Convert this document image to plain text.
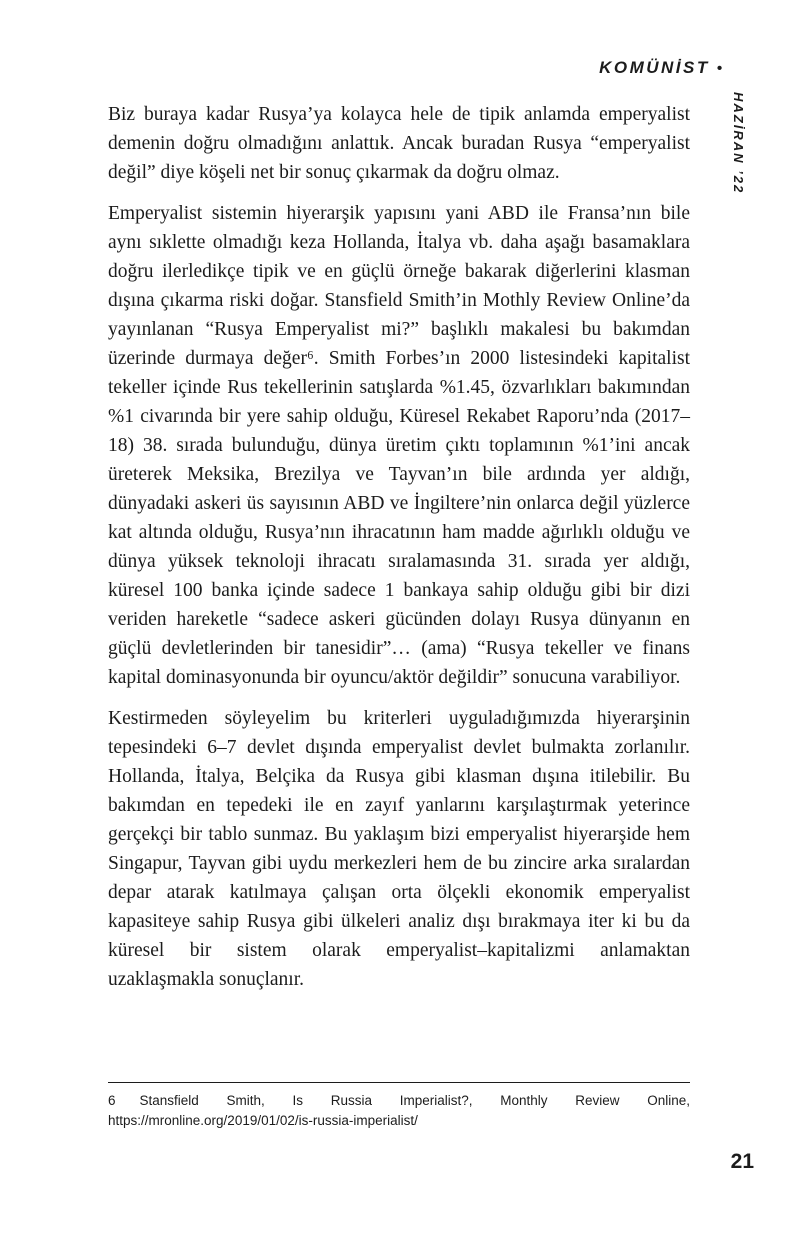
KOMÜNİST •
HAZİRAN ’22

Biz buraya kadar Rusya’ya kolayca hele de tipik anlamda emperyalist demenin doğru olmadığını anlattık. Ancak buradan Rusya “emperyalist değil” diye köşeli net bir sonuç çıkarmak da doğru olmaz.

Emperyalist sistemin hiyerarşik yapısını yani ABD ile Fransa’nın bile aynı sıklette olmadığı keza Hollanda, İtalya vb. daha aşağı basamaklara doğru ilerledikçe tipik ve en güçlü örneğe bakarak diğerlerini klasman dışına çıkarma riski doğar. Stansfield Smith’in Mothly Review Online’da yayınlanan “Rusya Emperyalist mi?” başlıklı makalesi bu bakımdan üzerinde durmaya değer⁶. Smith Forbes’ın 2000 listesindeki kapitalist tekeller içinde Rus tekellerinin satışlarda %1.45, özvarlıkları bakımından %1 civarında bir yere sahip olduğu, Küresel Rekabet Raporu’nda (2017–18) 38. sırada bulunduğu, dünya üretim çıktı toplamının %1’ini ancak üreterek Meksika, Brezilya ve Tayvan’ın bile ardında yer aldığı, dünyadaki askeri üs sayısının ABD ve İngiltere’nin onlarca değil yüzlerce kat altında olduğu, Rusya’nın ihracatının ham madde ağırlıklı olduğu ve dünya yüksek teknoloji ihracatı sıralamasında 31. sırada yer aldığı, küresel 100 banka içinde sadece 1 bankaya sahip olduğu gibi bir dizi veriden hareketle “sadece askeri gücünden dolayı Rusya dünyanın en güçlü devletlerinden bir tanesidir”… (ama) “Rusya tekeller ve finans kapital dominasyonunda bir oyuncu/aktör değildir” sonucuna varabiliyor.

Kestirmeden söyleyelim bu kriterleri uyguladığımızda hiyerarşinin tepesindeki 6–7 devlet dışında emperyalist devlet bulmakta zorlanılır. Hollanda, İtalya, Belçika da Rusya gibi klasman dışına itilebilir. Bu bakımdan en tepedeki ile en zayıf yanlarını karşılaştırmak yeterince gerçekçi bir tablo sunmaz. Bu yaklaşım bizi emperyalist hiyerarşide hem Singapur, Tayvan gibi uydu merkezleri hem de bu zincire arka sıralardan depar atarak katılmaya çalışan orta ölçekli ekonomik emperyalist kapasiteye sahip Rusya gibi ülkeleri analiz dışı bırakmaya iter ki bu da küresel bir sistem olarak emperyalist–kapitalizmi anlamaktan uzaklaşmakla sonuçlanır.

6 Stansfield Smith, Is Russia Imperialist?, Monthly Review Online, https://mronline.org/2019/01/02/is-russia-imperialist/
21
